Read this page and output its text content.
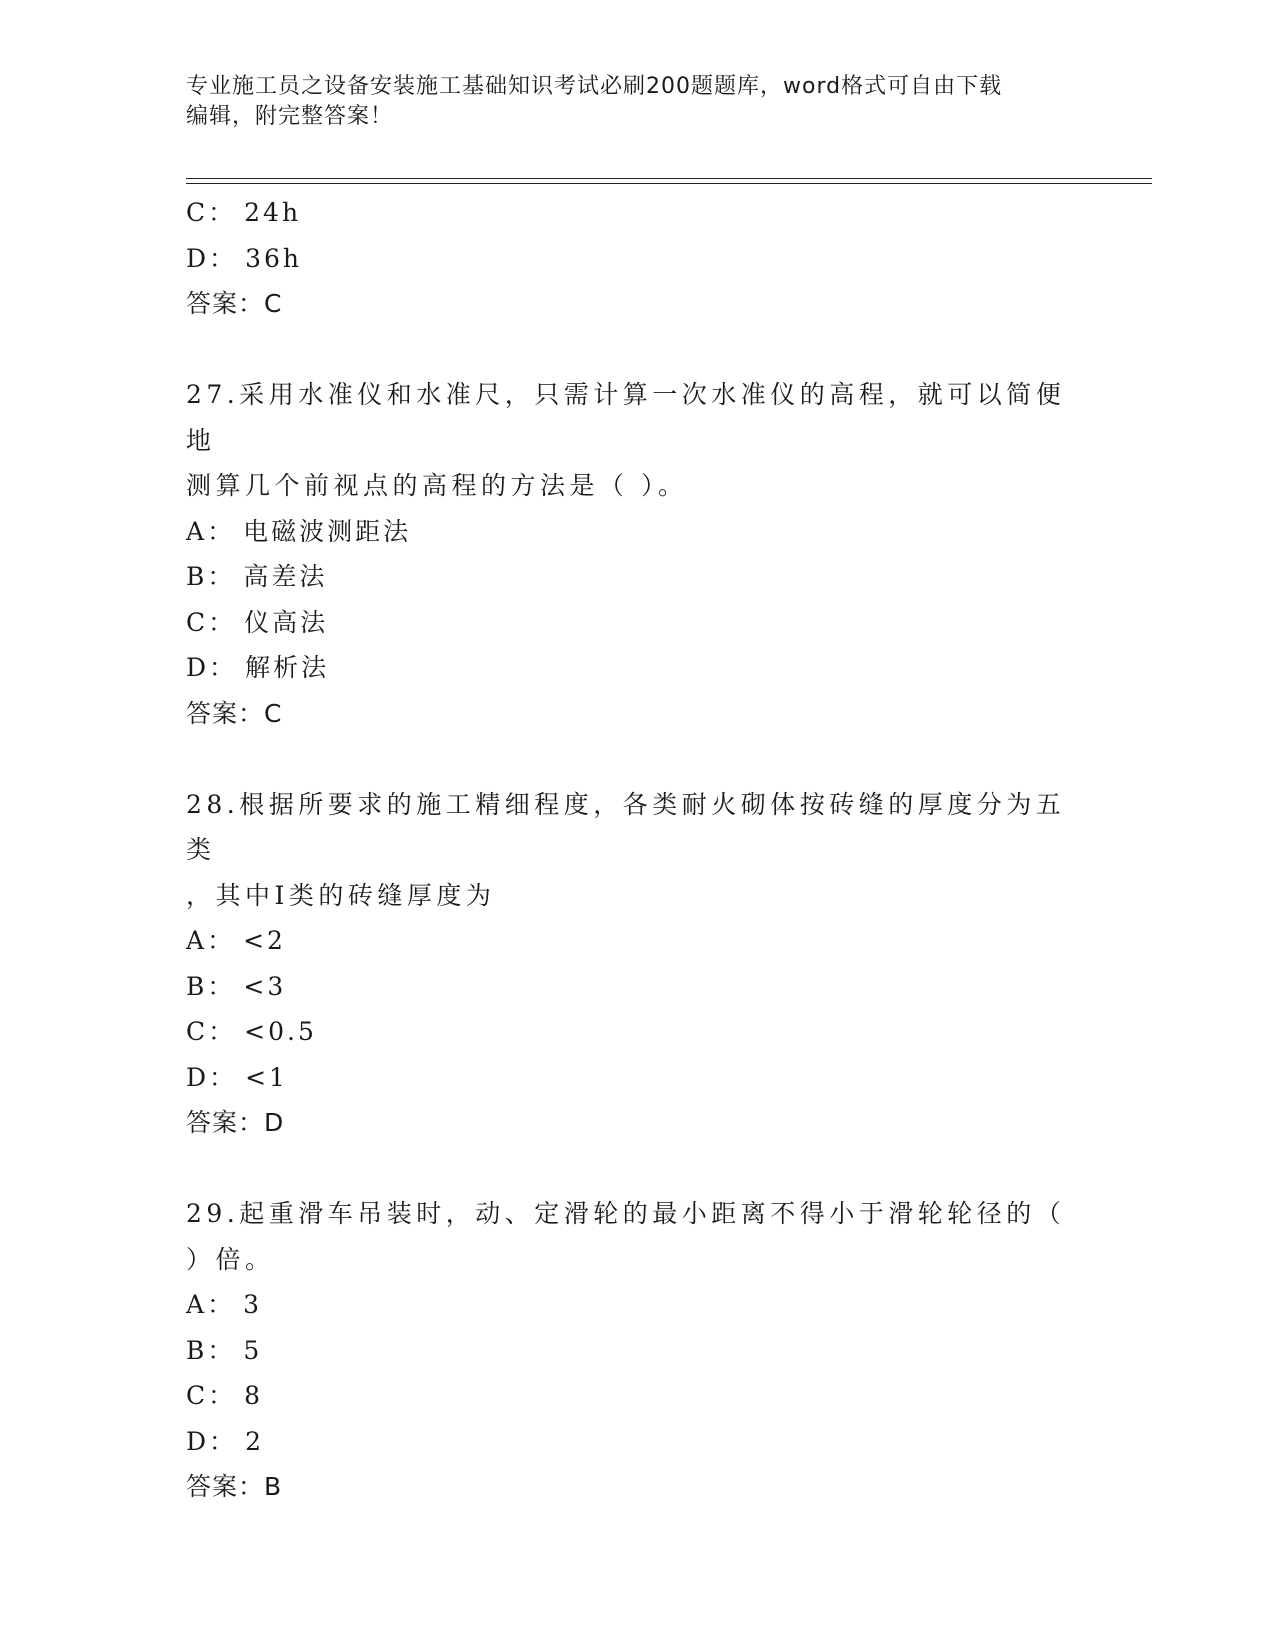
专业施工员之设备安装施工基础知识考试必刷200题题库，word格式可自由下载
编辑，附完整答案！
C： 24h
D： 36h
答案：C
27.采用水准仪和水准尺，只需计算一次水准仪的高程，就可以简便地
测算几个前视点的高程的方法是（ ）。
A： 电磁波测距法
B： 高差法
C： 仪高法
D： 解析法
答案：C
28.根据所要求的施工精细程度，各类耐火砌体按砖缝的厚度分为五类
，其中I类的砖缝厚度为
A： <2
B： <3
C： <0.5
D： <1
答案：D
29.起重滑车吊装时，动、定滑轮的最小距离不得小于滑轮轮径的（
）倍。
A： 3
B： 5
C： 8
D： 2
答案：B
